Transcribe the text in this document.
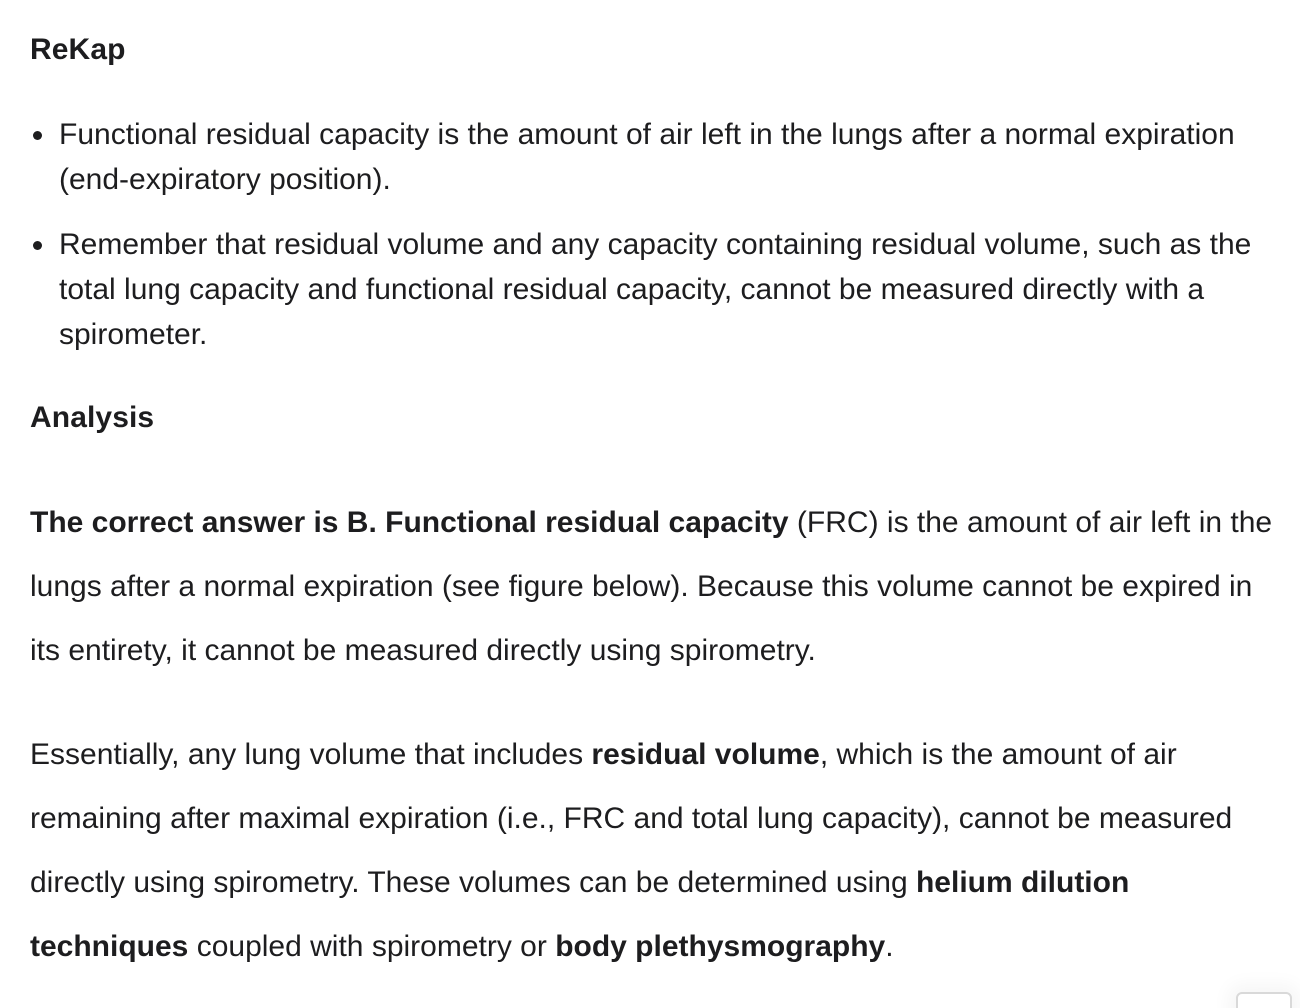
ReKap
Functional residual capacity is the amount of air left in the lungs after a normal expiration (end-expiratory position).
Remember that residual volume and any capacity containing residual volume, such as the total lung capacity and functional residual capacity, cannot be measured directly with a spirometer.
Analysis

The correct answer is B. Functional residual capacity (FRC) is the amount of air left in the lungs after a normal expiration (see figure below). Because this volume cannot be expired in its entirety, it cannot be measured directly using spirometry.

Essentially, any lung volume that includes residual volume, which is the amount of air remaining after maximal expiration (i.e., FRC and total lung capacity), cannot be measured directly using spirometry. These volumes can be determined using helium dilution techniques coupled with spirometry or body plethysmography.
